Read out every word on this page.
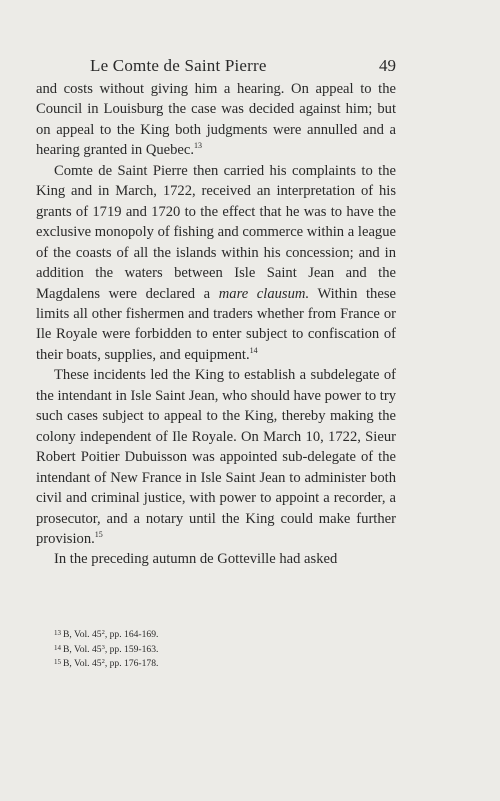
Le Comte de Saint Pierre	49

and costs without giving him a hearing. On appeal to the Council in Louisburg the case was decided against him; but on appeal to the King both judgments were annulled and a hearing granted in Quebec.$^{13}$

Comte de Saint Pierre then carried his complaints to the King and in March, 1722, received an interpretation of his grants of 1719 and 1720 to the effect that he was to have the exclusive monopoly of fishing and commerce within a league of the coasts of all the islands within his concession; and in addition the waters between Isle Saint Jean and the Magdalens were declared a mare clausum. Within these limits all other fishermen and traders whether from France or Ile Royale were forbidden to enter subject to confiscation of their boats, supplies, and equipment.$^{14}$

These incidents led the King to establish a subdelegate of the intendant in Isle Saint Jean, who should have power to try such cases subject to appeal to the King, thereby making the colony independent of Ile Royale. On March 10, 1722, Sieur Robert Poitier Dubuisson was appointed sub-delegate of the intendant of New France in Isle Saint Jean to administer both civil and criminal justice, with power to appoint a recorder, a prosecutor, and a notary until the King could make further provision.$^{15}$

In the preceding autumn de Gotteville had asked

$^{13}$ B, Vol. $45^2$, pp. 164-169.
$^{14}$ B, Vol. $45^3$, pp. 159-163.
$^{15}$ B, Vol. $45^2$, pp. 176-178.
